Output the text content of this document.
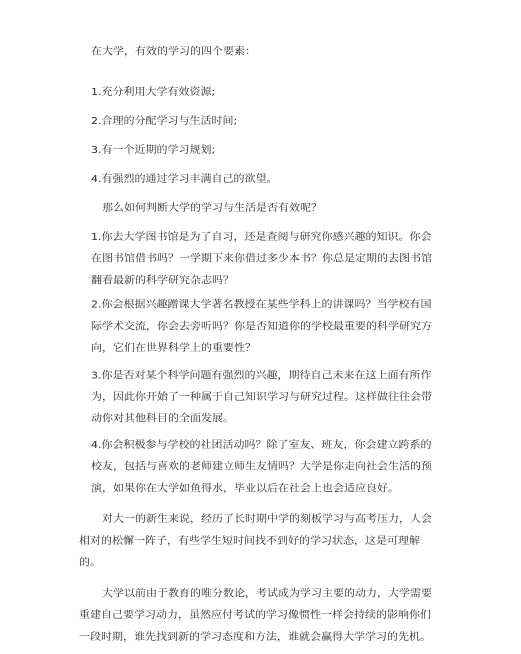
在大学，有效的学习的四个要素：

1.充分利用大学有效资源;

2.合理的分配学习与生活时间;

3.有一个近期的学习规划;

4.有强烈的通过学习丰满自己的欲望。

那么如何判断大学的学习与生活是否有效呢？

1.你去大学图书馆是为了自习，还是查阅与研究你感兴趣的知识。你会在图书馆借书吗？一学期下来你借过多少本书？你总是定期的去图书馆翻看最新的科学研究杂志吗？

2.你会根据兴趣蹭课大学著名教授在某些学科上的讲课吗？当学校有国际学术交流，你会去旁听吗？你是否知道你的学校最重要的科学研究方向，它们在世界科学上的重要性？

3.你是否对某个科学问题有强烈的兴趣，期待自己未来在这上面有所作为，因此你开始了一种属于自己知识学习与研究过程。这样做往往会带动你对其他科目的全面发展。

4.你会积极参与学校的社团活动吗？除了室友、班友，你会建立跨系的校友，包括与喜欢的老师建立师生友情吗？大学是你走向社会生活的预演，如果你在大学如鱼得水，毕业以后在社会上也会适应良好。

对大一的新生来说，经历了长时期中学的刻板学习与高考压力，人会相对的松懈一阵子，有些学生短时间找不到好的学习状态，这是可理解的。

大学以前由于教育的唯分数论，考试成为学习主要的动力，大学需要重建自己要学习动力，虽然应付考试的学习像惯性一样会持续的影响你们一段时期，谁先找到新的学习态度和方法，谁就会赢得大学学习的先机。
